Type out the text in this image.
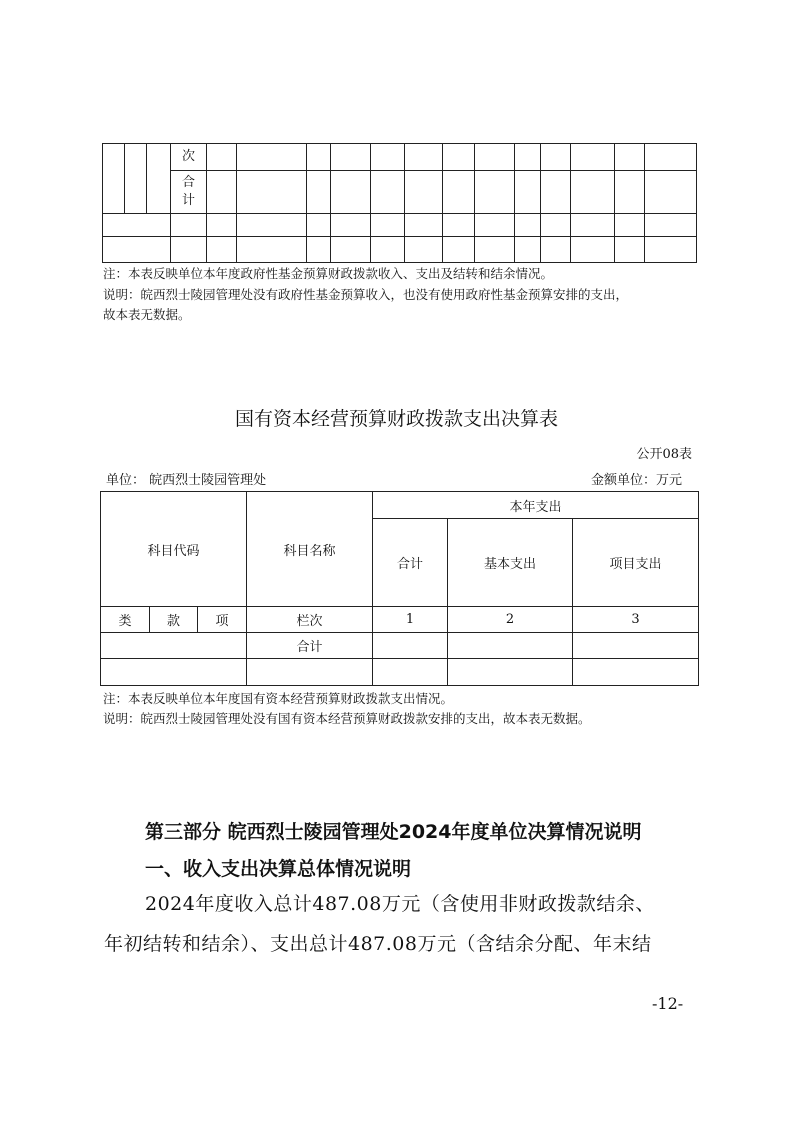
			次													

			合
计													

注：本表反映单位本年度政府性基金预算财政拨款收入、支出及结转和结余情况。
说明：皖西烈士陵园管理处没有政府性基金预算收入，也没有使用政府性基金预算安排的支出，
故本表无数据。
国有资本经营预算财政拨款支出决算表
公开08表
单位： 皖西烈士陵园管理处	金额单位：万元
科目代码			科目名称	本年支出		
				合计	基本支出	项目支出
类	款	项	栏次	1	2	3
			合计			

注：本表反映单位本年度国有资本经营预算财政拨款支出情况。
说明：皖西烈士陵园管理处没有国有资本经营预算财政拨款安排的支出，故本表无数据。
第三部分 皖西烈士陵园管理处2024年度单位决算情况说明
一、收入支出决算总体情况说明
2024年度收入总计487.08万元（含使用非财政拨款结余、
年初结转和结余）、支出总计487.08万元（含结余分配、年末结
-12-
